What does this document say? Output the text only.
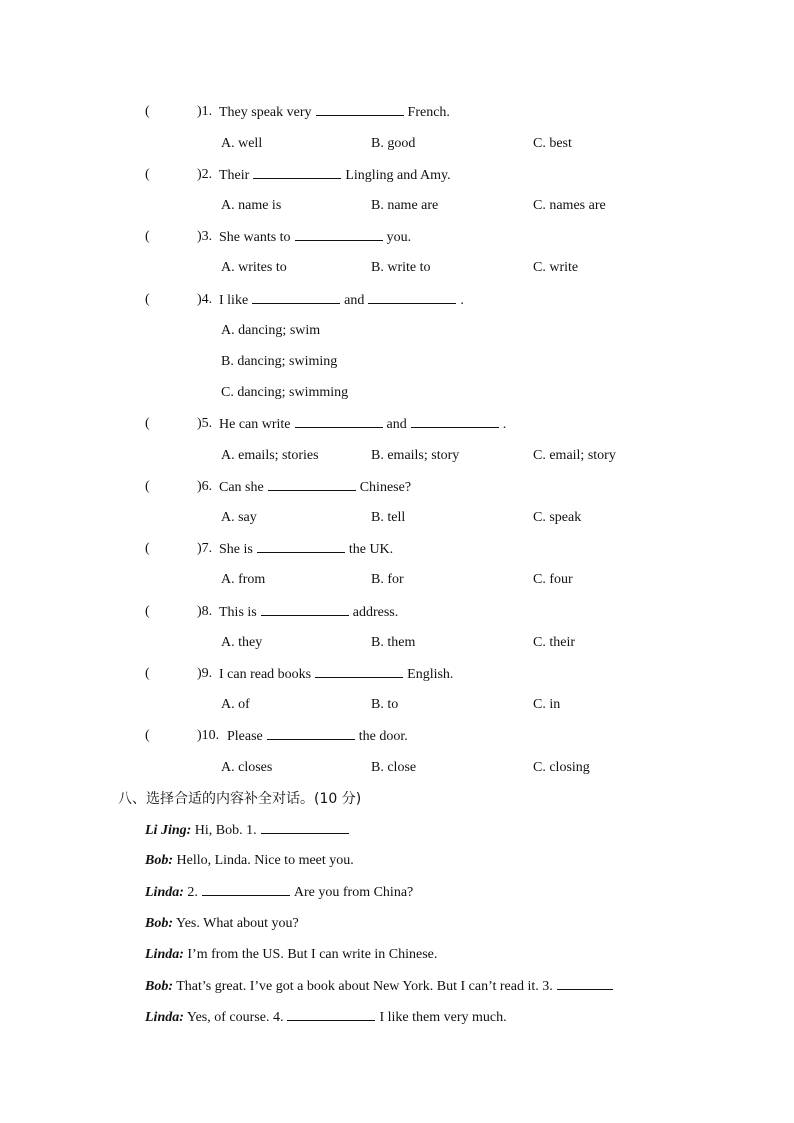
(	)1. They speak very	French.
A. well	B. good	C. best
(	)2. Their	Lingling and Amy.
A. name is	B. name are	C. names are
(	)3. She wants to	you.
A. writes to	B. write to	C. write
(	)4. I like	and	.
A. dancing; swim
B. dancing; swiming
C. dancing; swimming
(	)5. He can write	and	.
A. emails; stories	B. emails; story	C. email; story
(	)6. Can she	Chinese?
A. say	B. tell	C. speak
(	)7. She is	the UK.
A. from	B. for	C. four
(	)8. This is	address.
A. they	B. them	C. their
(	)9. I can read books	English.
A. of	B. to	C. in
(	)10. Please	the door.
A. closes	B. close	C. closing
八、选择合适的内容补全对话。(10 分)
Li Jing: Hi, Bob. 1.
Bob: Hello, Linda. Nice to meet you.
Linda: 2.	Are you from China?
Bob: Yes. What about you?
Linda: I’m from the US. But I can write in Chinese.
Bob: That’s great. I’ve got a book about New York. But I can’t read it. 3.
Linda: Yes, of course. 4.	I like them very much.
